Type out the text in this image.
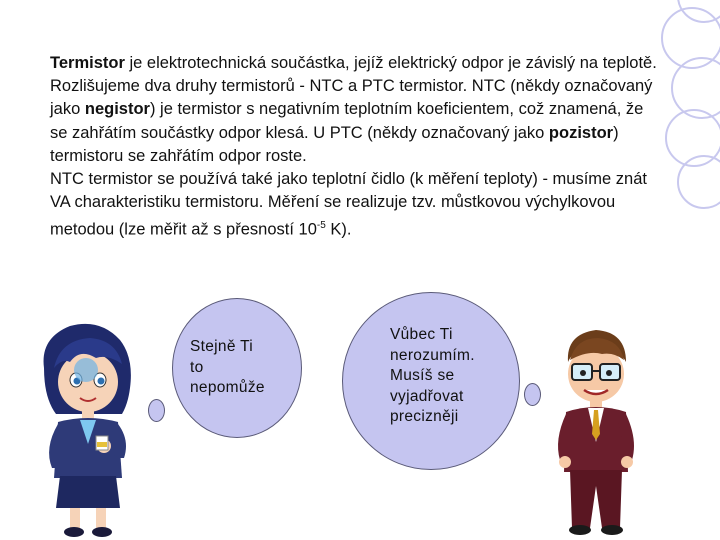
Termistor je elektrotechnická součástka, jejíž elektrický odpor je závislý na teplotě.

Rozlišujeme dva druhy termistorů - NTC a PTC termistor. NTC (někdy označovaný jako negistor) je termistor s negativním teplotním koeficientem, což znamená, že se zahřátím součástky odpor klesá. U PTC (někdy označovaný jako pozistor) termistoru se zahřátím odpor roste.

NTC termistor se používá také jako teplotní čidlo (k měření teploty) - musíme znát VA charakteristiku termistoru. Měření se realizuje tzv. můstkovou výchylkovou metodou (lze měřit až s přesností $10^{-5}$ K).

Stejně Ti
to
nepomůže
Vůbec Ti
nerozumím.
Musíš se
vyjadřovat
precizněji
